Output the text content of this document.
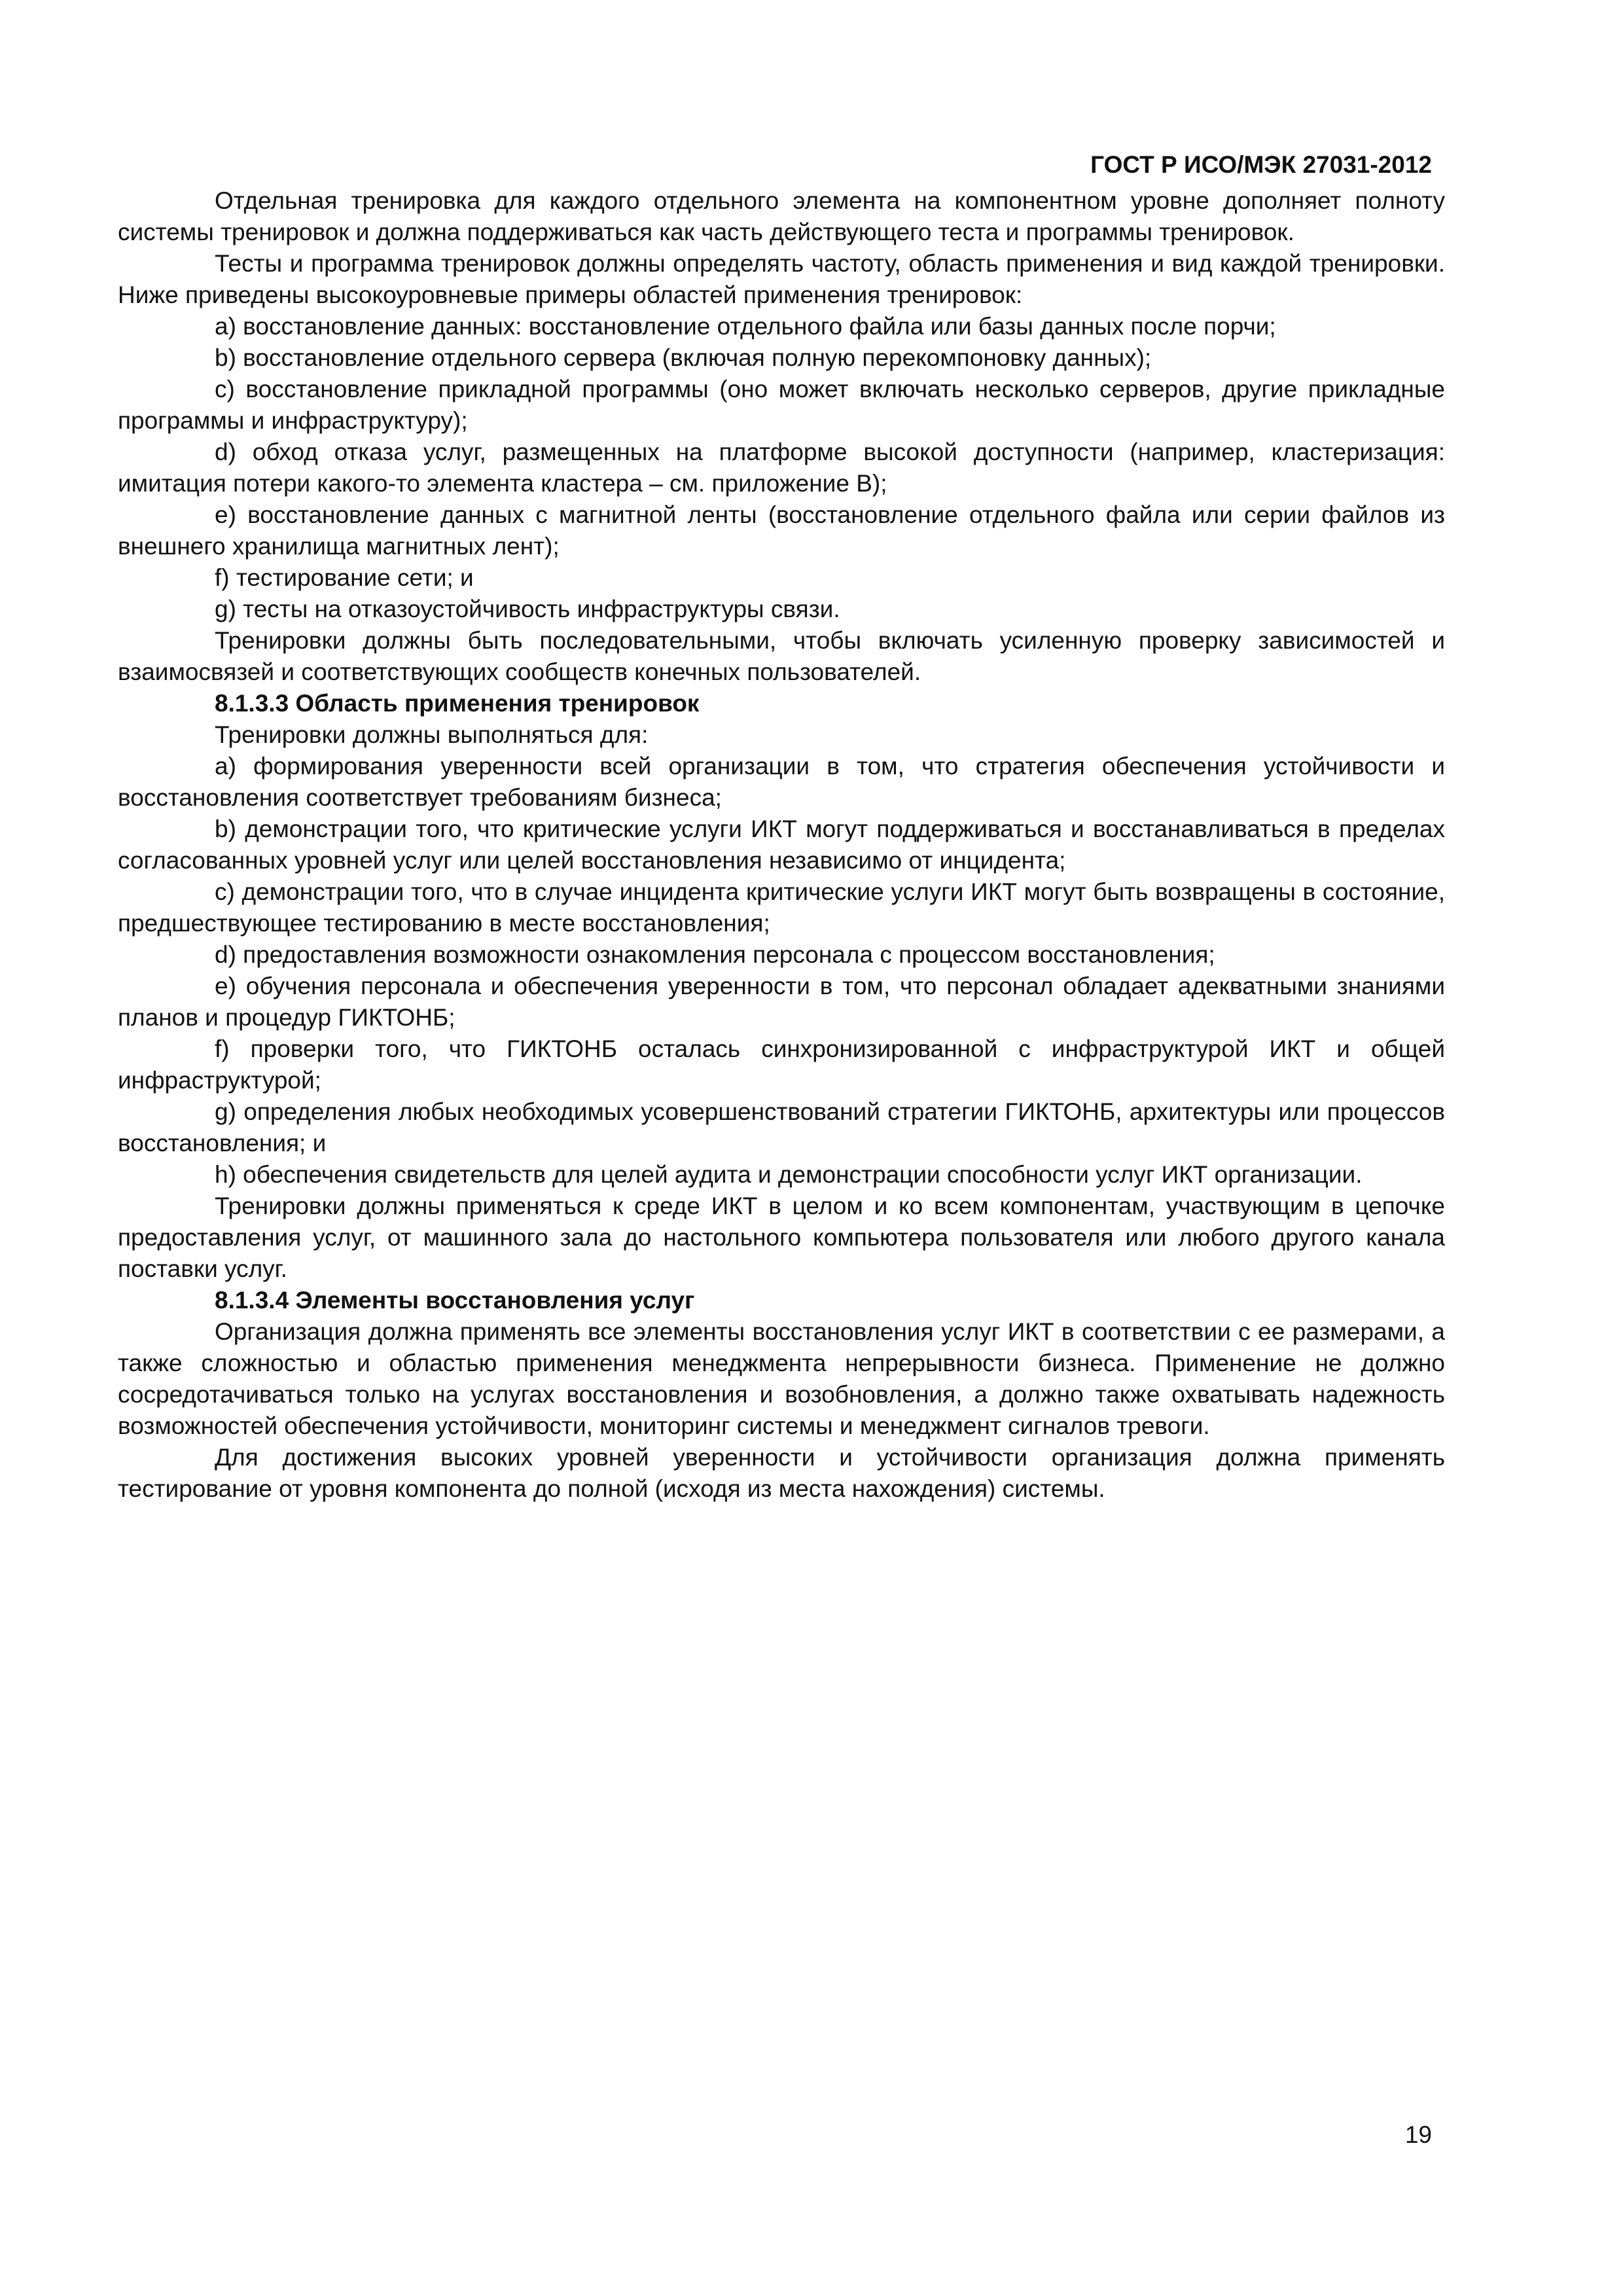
ГОСТ Р ИСО/МЭК 27031-2012

Отдельная тренировка для каждого отдельного элемента на компонентном уровне дополняет полноту системы тренировок и должна поддерживаться как часть действующего теста и программы тренировок.

Тесты и программа тренировок должны определять частоту, область применения и вид каждой тренировки. Ниже приведены высокоуровневые примеры областей применения тренировок:

a) восстановление данных: восстановление отдельного файла или базы данных после порчи;

b) восстановление отдельного сервера (включая полную перекомпоновку данных);

c) восстановление прикладной программы (оно может включать несколько серверов, другие прикладные программы и инфраструктуру);

d) обход отказа услуг, размещенных на платформе высокой доступности (например, кластеризация: имитация потери какого-то элемента кластера – см. приложение В);

e) восстановление данных с магнитной ленты (восстановление отдельного файла или серии файлов из внешнего хранилища магнитных лент);

f) тестирование сети; и

g) тесты на отказоустойчивость инфраструктуры связи.

Тренировки должны быть последовательными, чтобы включать усиленную проверку зависимостей и взаимосвязей и соответствующих сообществ конечных пользователей.

8.1.3.3 Область применения тренировок

Тренировки должны выполняться для:

а) формирования уверенности всей организации в том, что стратегия обеспечения устойчивости и восстановления соответствует требованиям бизнеса;

b) демонстрации того, что критические услуги ИКТ могут поддерживаться и восстанавливаться в пределах согласованных уровней услуг или целей восстановления независимо от инцидента;

c) демонстрации того, что в случае инцидента критические услуги ИКТ могут быть возвращены в состояние, предшествующее тестированию в месте восстановления;

d) предоставления возможности ознакомления персонала с процессом восстановления;

e) обучения персонала и обеспечения уверенности в том, что персонал обладает адекватными знаниями планов и процедур ГИКТОНБ;

f) проверки того, что ГИКТОНБ осталась синхронизированной с инфраструктурой ИКТ и общей инфраструктурой;

g) определения любых необходимых усовершенствований стратегии ГИКТОНБ, архитектуры или процессов восстановления; и

h) обеспечения свидетельств для целей аудита и демонстрации способности услуг ИКТ организации.

Тренировки должны применяться к среде ИКТ в целом и ко всем компонентам, участвующим в цепочке предоставления услуг, от машинного зала до настольного компьютера пользователя или любого другого канала поставки услуг.

8.1.3.4 Элементы восстановления услуг

Организация должна применять все элементы восстановления услуг ИКТ в соответствии с ее размерами, а также сложностью и областью применения менеджмента непрерывности бизнеса. Применение не должно сосредотачиваться только на услугах восстановления и возобновления, а должно также охватывать надежность возможностей обеспечения устойчивости, мониторинг системы и менеджмент сигналов тревоги.

Для достижения высоких уровней уверенности и устойчивости организация должна применять тестирование от уровня компонента до полной (исходя из места нахождения) системы.

19
